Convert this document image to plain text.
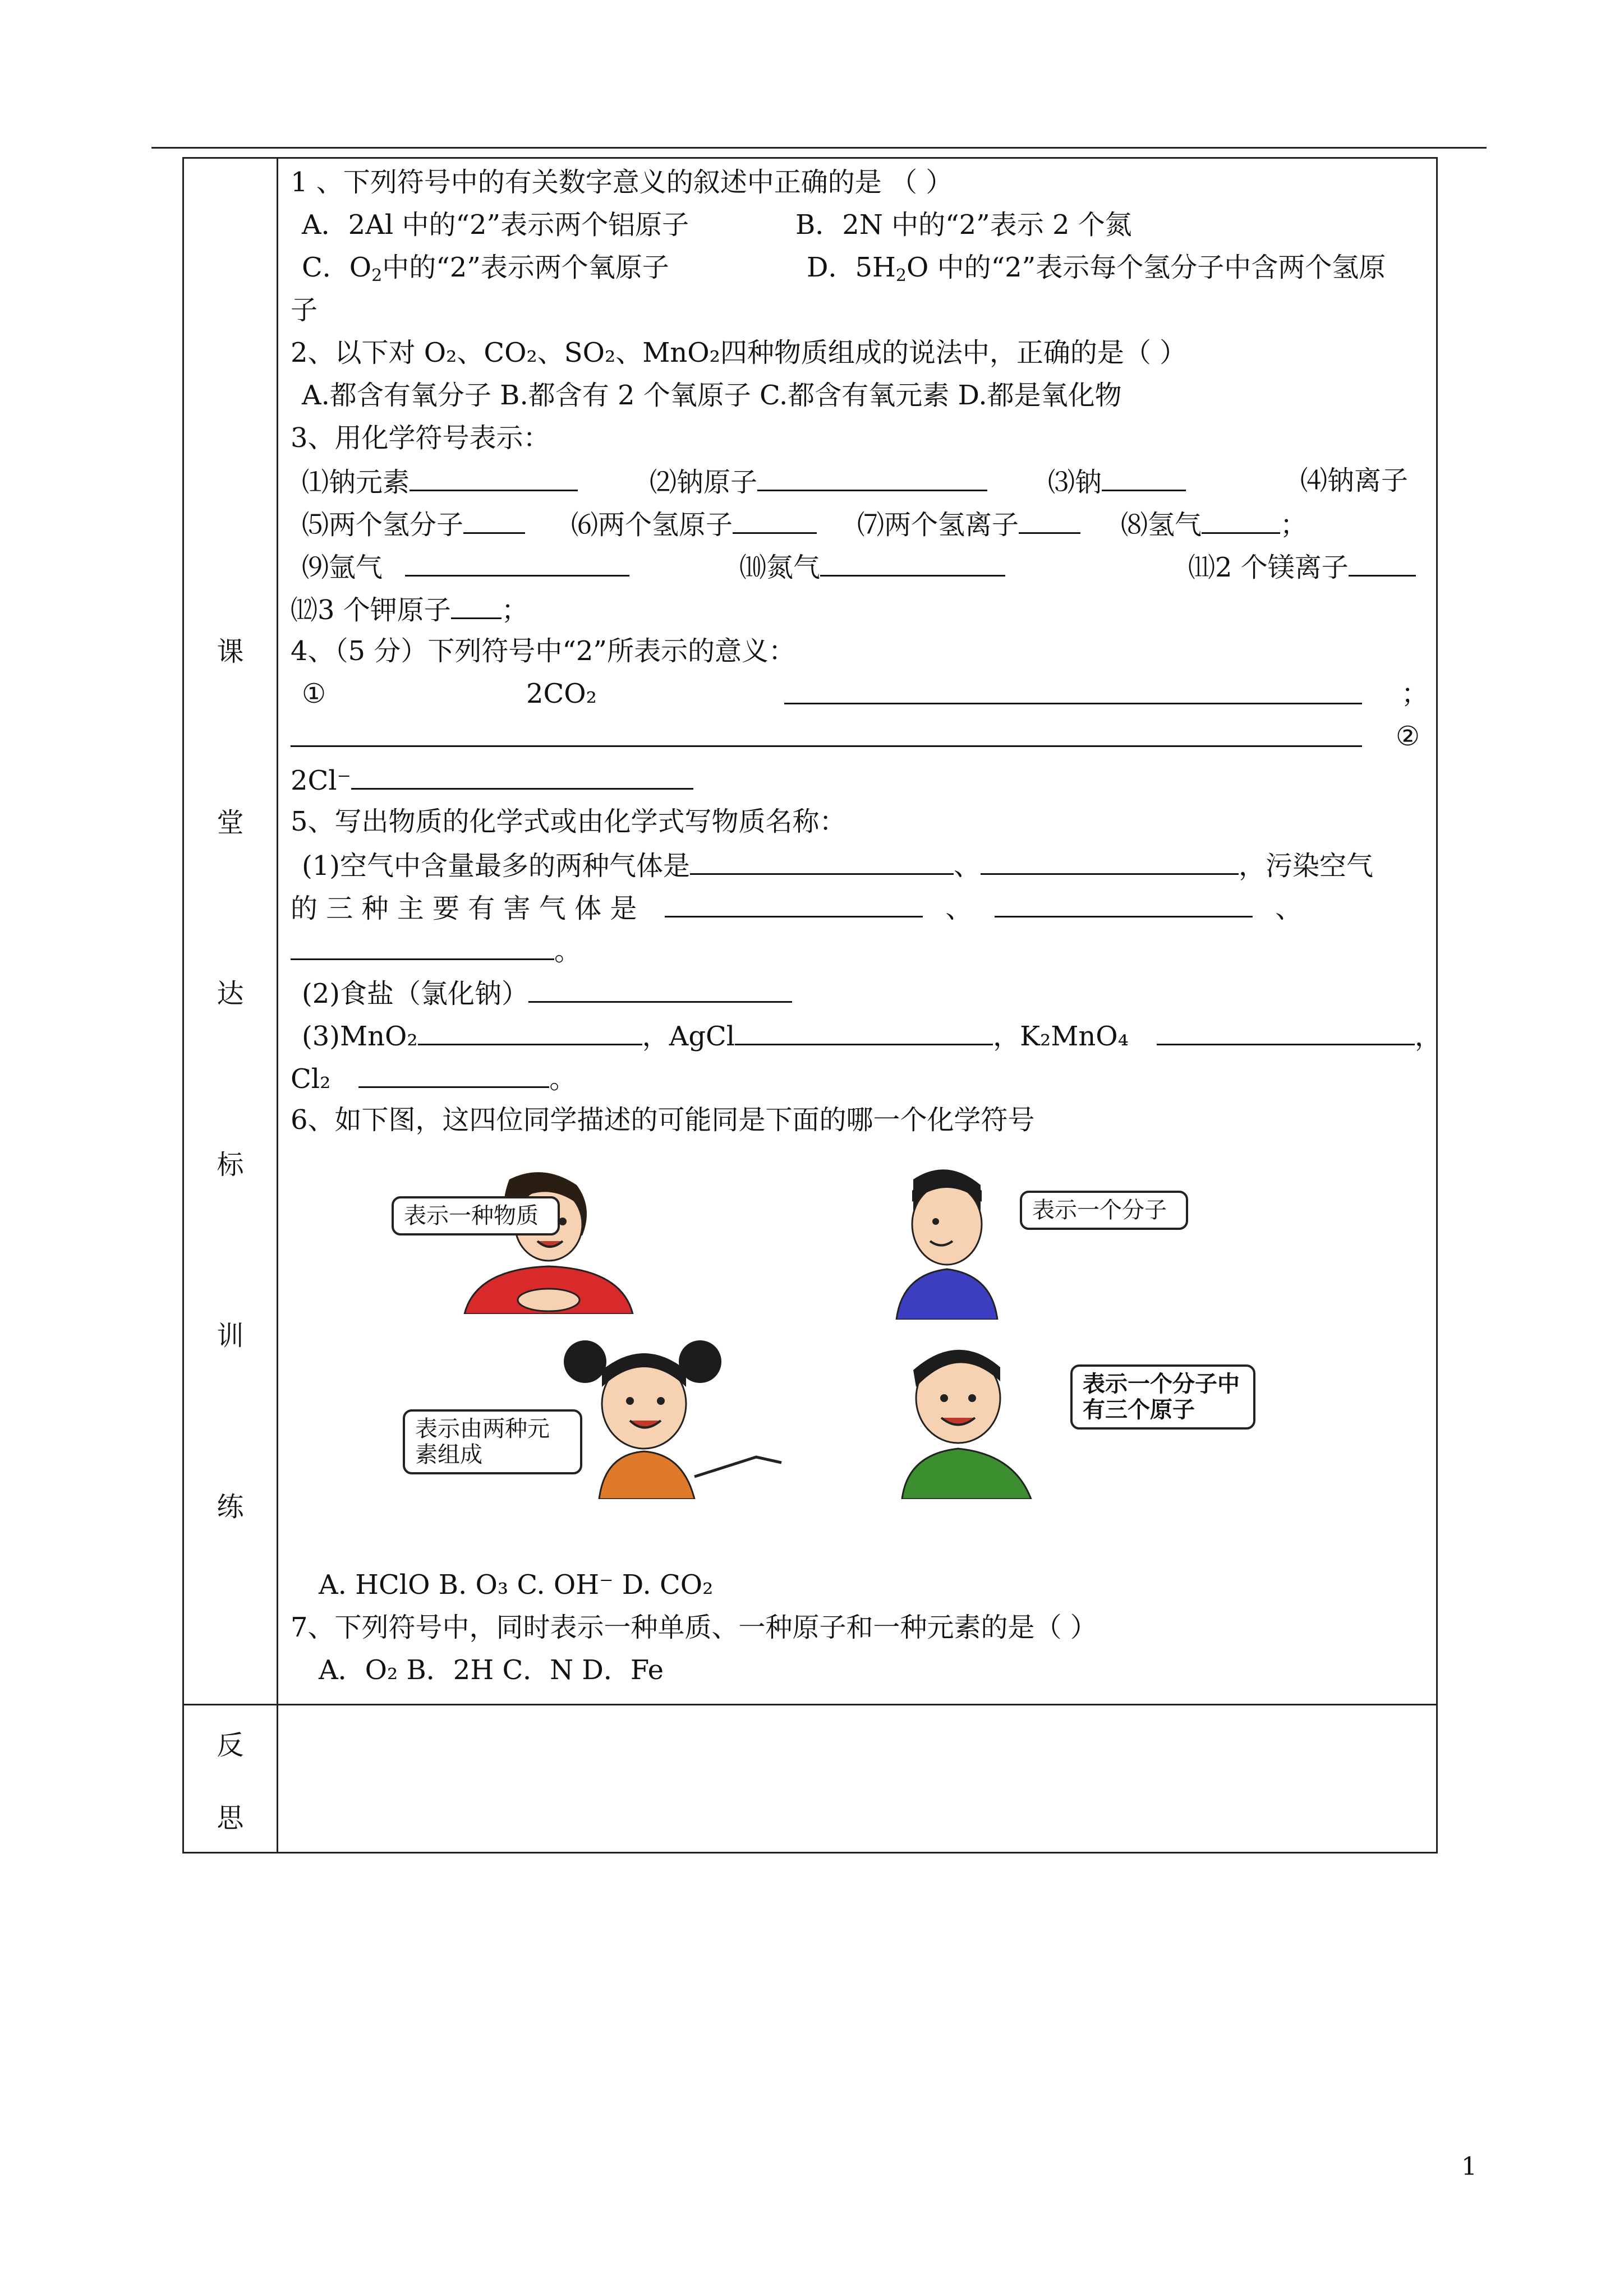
课
堂
达
标
训
练
反
思
1 、下列符号中的有关数字意义的叙述中正确的是 （ ）
A．2Al 中的“2”表示两个铝原子	B．2N 中的“2”表示 2 个氮
C．$O_2$中的“2”表示两个氧原子	D．$5H_2O$ 中的“2”表示每个氢分子中含两个氢原
子
2、以下对 O₂、CO₂、SO₂、MnO₂四种物质组成的说法中，正确的是（ ）
A.都含有氧分子 B.都含有 2 个氧原子 C.都含有氧元素 D.都是氧化物
3、用化学符号表示：
⑴钠元素	⑵钠原子	⑶钠	⑷钠离子
⑸两个氢分子	⑹两个氢原子	⑺两个氢离子	⑻氢气	；
⑼氩气	⑽氮气	⑾2 个镁离子
⑿3 个钾原子 ；
4、（5 分）下列符号中“2”所表示的意义：
①	2CO₂	；
②
2Cl⁻
5、写出物质的化学式或由化学式写物质名称：
(1)空气中含量最多的两种气体是	、	，污染空气
的 三 种 主 要 有 害 气 体 是	、	、
。
(2)食盐（氯化钠）
(3)MnO₂	，AgCl	，K₂MnO₄	，
Cl₂	。
6、如下图，这四位同学描述的可能同是下面的哪一个化学符号
表示一种物质	表示一个分子
表示由两种元素组成
表示一个分子中有三个原子
A. HClO B. O₃ C. OH⁻ D. CO₂
7、下列符号中，同时表示一种单质、一种原子和一种元素的是（ ）
A．O₂ B．2H C．N D．Fe
1
